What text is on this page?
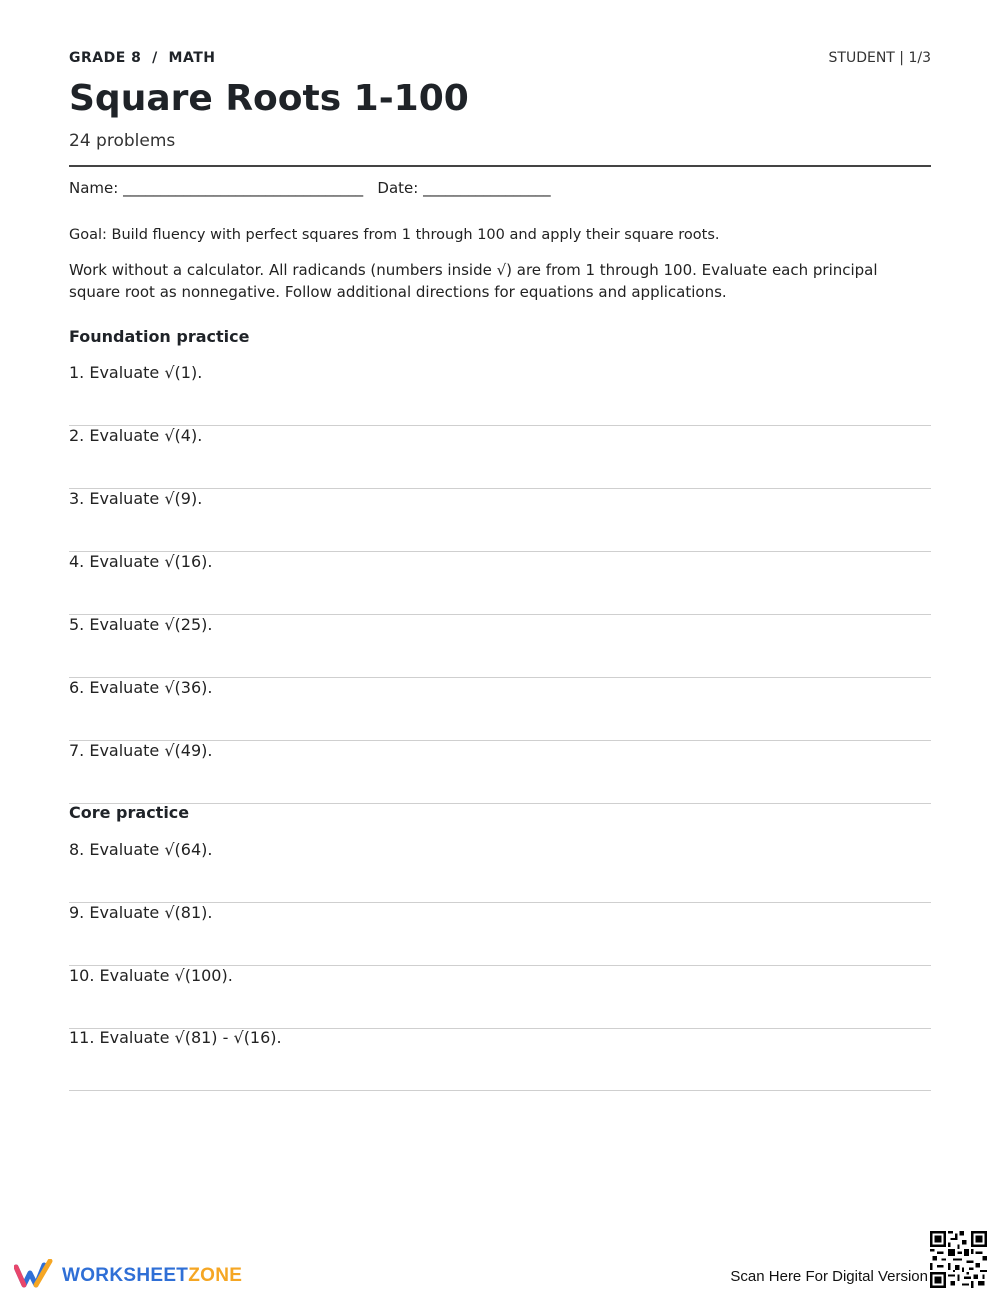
GRADE 8 / MATH	STUDENT | 1/3
Square Roots 1-100
24 problems
Name: ________________________________ Date: _________________
Goal: Build fluency with perfect squares from 1 through 100 and apply their square roots.
Work without a calculator. All radicands (numbers inside √) are from 1 through 100. Evaluate each principal square root as nonnegative. Follow additional directions for equations and applications.
Foundation practice
1. Evaluate √(1).
2. Evaluate √(4).
3. Evaluate √(9).
4. Evaluate √(16).
5. Evaluate √(25).
6. Evaluate √(36).
7. Evaluate √(49).
Core practice
8. Evaluate √(64).
9. Evaluate √(81).
10. Evaluate √(100).
11. Evaluate √(81) - √(16).
WORKSHEETZONE	Scan Here For Digital Version
